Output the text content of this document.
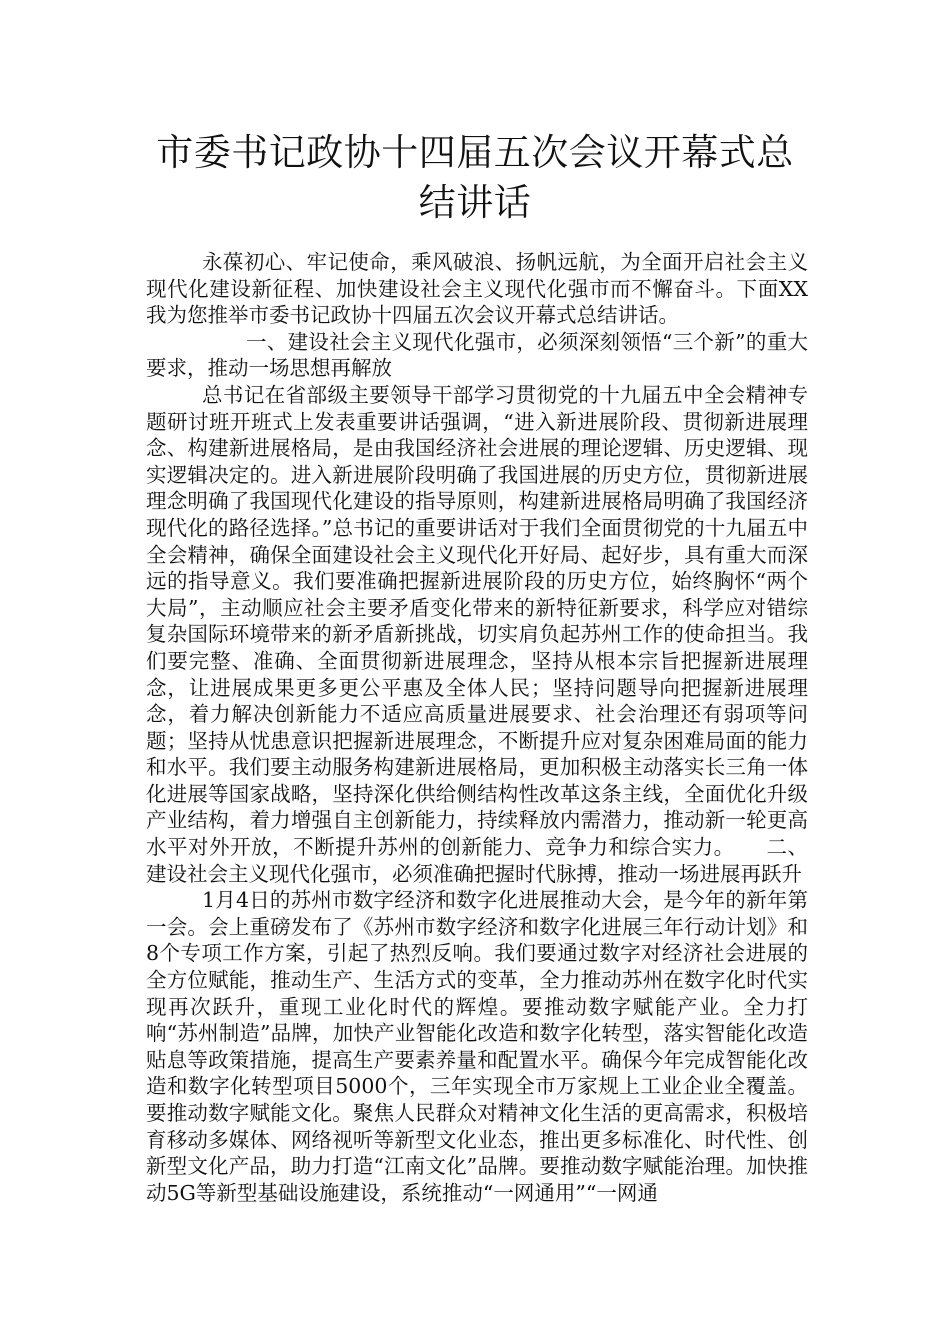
市委书记政协十四届五次会议开幕式总结讲话

永葆初心、牢记使命，乘风破浪、扬帆远航，为全面开启社会主义现代化建设新征程、加快建设社会主义现代化强市而不懈奋斗。下面XX我为您推举市委书记政协十四届五次会议开幕式总结讲话。

一、建设社会主义现代化强市，必须深刻领悟“三个新”的重大要求，推动一场思想再解放

总书记在省部级主要领导干部学习贯彻党的十九届五中全会精神专题研讨班开班式上发表重要讲话强调，“进入新进展阶段、贯彻新进展理念、构建新进展格局，是由我国经济社会进展的理论逻辑、历史逻辑、现实逻辑决定的。进入新进展阶段明确了我国进展的历史方位，贯彻新进展理念明确了我国现代化建设的指导原则，构建新进展格局明确了我国经济现代化的路径选择。”总书记的重要讲话对于我们全面贯彻党的十九届五中全会精神，确保全面建设社会主义现代化开好局、起好步，具有重大而深远的指导意义。我们要准确把握新进展阶段的历史方位，始终胸怀“两个大局”，主动顺应社会主要矛盾变化带来的新特征新要求，科学应对错综复杂国际环境带来的新矛盾新挑战，切实肩负起苏州工作的使命担当。我们要完整、准确、全面贯彻新进展理念，坚持从根本宗旨把握新进展理念，让进展成果更多更公平惠及全体人民；坚持问题导向把握新进展理念，着力解决创新能力不适应高质量进展要求、社会治理还有弱项等问题；坚持从忧患意识把握新进展理念，不断提升应对复杂困难局面的能力和水平。我们要主动服务构建新进展格局，更加积极主动落实长三角一体化进展等国家战略，坚持深化供给侧结构性改革这条主线，全面优化升级产业结构，着力增强自主创新能力，持续释放内需潜力，推动新一轮更高水平对外开放，不断提升苏州的创新能力、竞争力和综合实力。　　二、建设社会主义现代化强市，必须准确把握时代脉搏，推动一场进展再跃升

1月4日的苏州市数字经济和数字化进展推动大会，是今年的新年第一会。会上重磅发布了《苏州市数字经济和数字化进展三年行动计划》和8个专项工作方案，引起了热烈反响。我们要通过数字对经济社会进展的全方位赋能，推动生产、生活方式的变革，全力推动苏州在数字化时代实现再次跃升，重现工业化时代的辉煌。要推动数字赋能产业。全力打响“苏州制造”品牌，加快产业智能化改造和数字化转型，落实智能化改造贴息等政策措施，提高生产要素养量和配置水平。确保今年完成智能化改造和数字化转型项目5000个，三年实现全市万家规上工业企业全覆盖。要推动数字赋能文化。聚焦人民群众对精神文化生活的更高需求，积极培育移动多媒体、网络视听等新型文化业态，推出更多标准化、时代性、创新型文化产品，助力打造“江南文化”品牌。要推动数字赋能治理。加快推动5G等新型基础设施建设，系统推动“一网通用”“一网通
